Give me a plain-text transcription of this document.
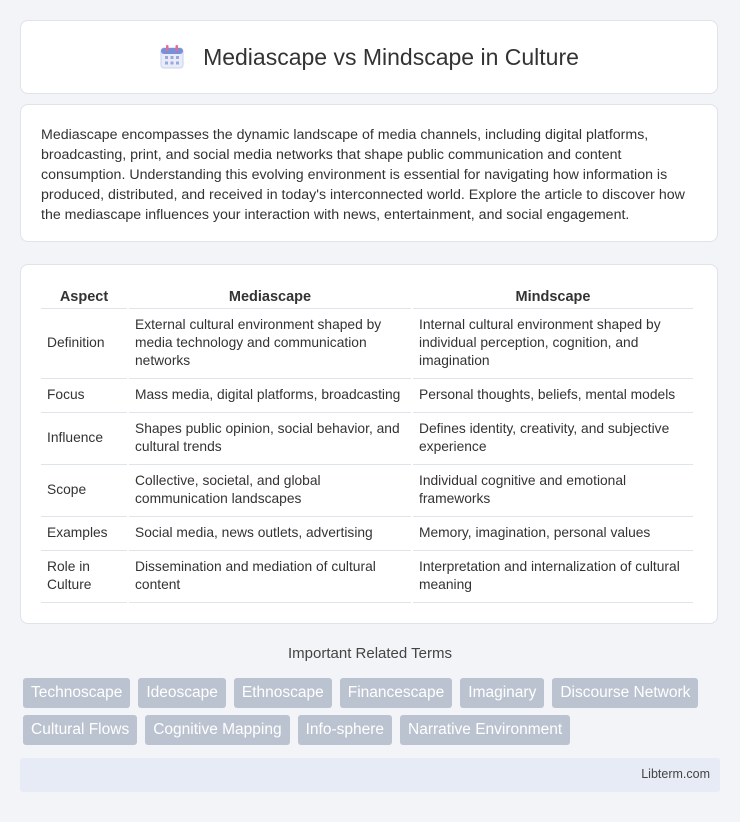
Mediascape vs Mindscape in Culture

Mediascape encompasses the dynamic landscape of media channels, including digital platforms, broadcasting, print, and social media networks that shape public communication and content consumption. Understanding this evolving environment is essential for navigating how information is produced, distributed, and received in today's interconnected world. Explore the article to discover how the mediascape influences your interaction with news, entertainment, and social engagement.

Aspect	Mediascape	Mindscape
Definition	External cultural environment shaped by media technology and communication networks	Internal cultural environment shaped by individual perception, cognition, and imagination
Focus	Mass media, digital platforms, broadcasting	Personal thoughts, beliefs, mental models
Influence	Shapes public opinion, social behavior, and cultural trends	Defines identity, creativity, and subjective experience
Scope	Collective, societal, and global communication landscapes	Individual cognitive and emotional frameworks
Examples	Social media, news outlets, advertising	Memory, imagination, personal values
Role in Culture	Dissemination and mediation of cultural content	Interpretation and internalization of cultural meaning
Important Related Terms
Technoscape	Ideoscape	Ethnoscape	Financescape	Imaginary	Discourse Network
Cultural Flows	Cognitive Mapping	Info-sphere	Narrative Environment
Libterm.com
